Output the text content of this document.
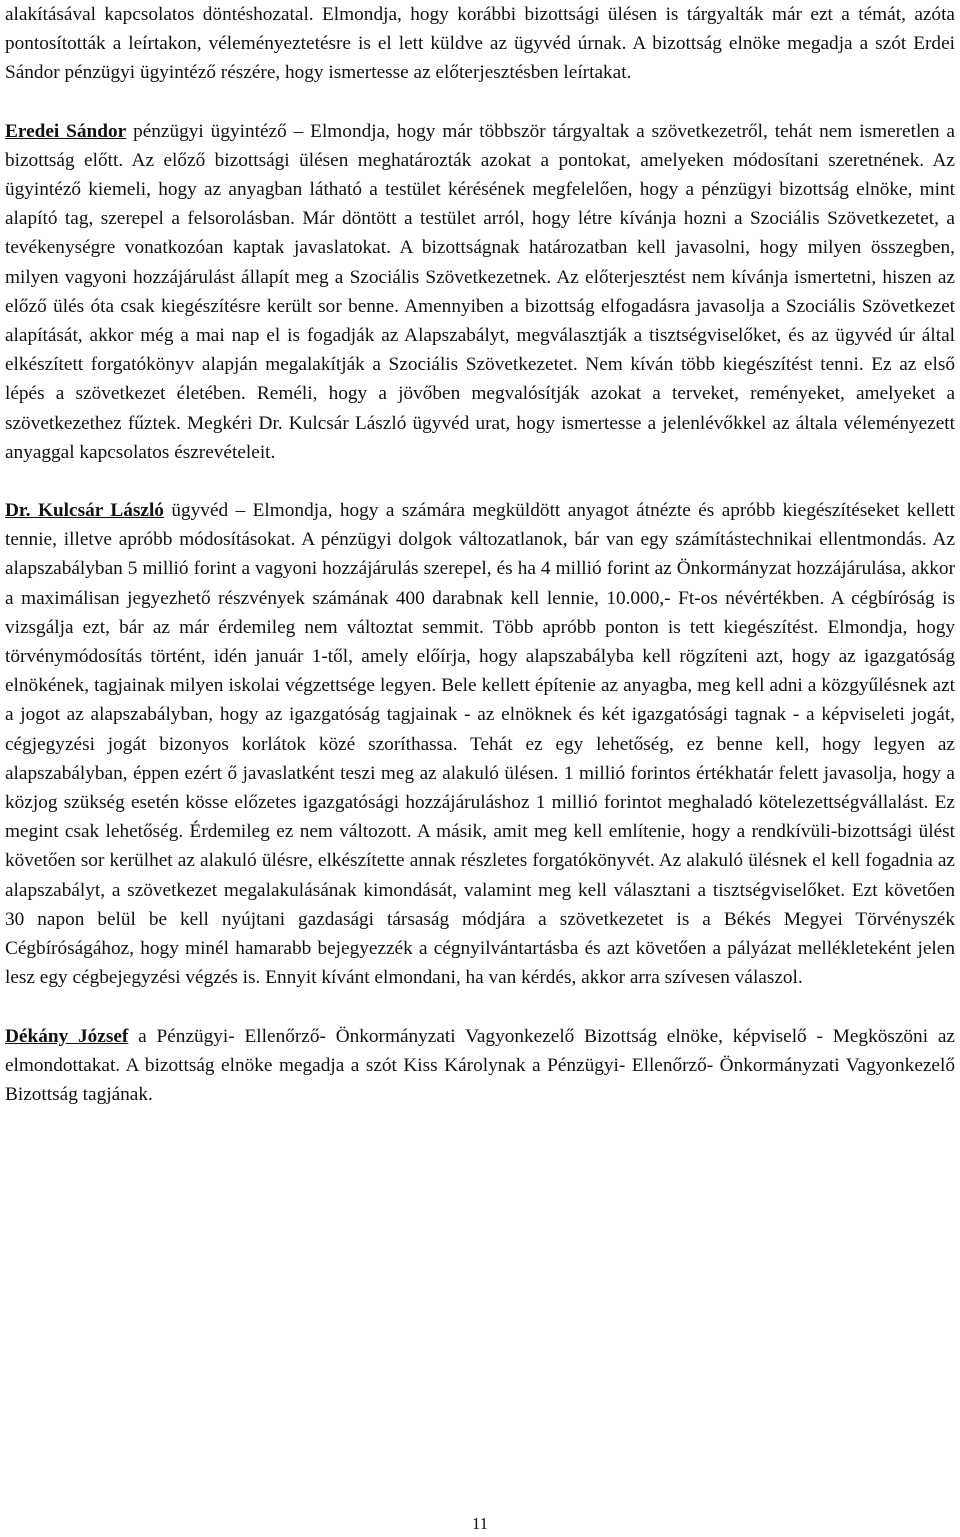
alakításával kapcsolatos döntéshozatal. Elmondja, hogy korábbi bizottsági ülésen is tárgyalták már ezt a témát, azóta pontosították a leírtakon, véleményeztetésre is el lett küldve az ügyvéd úrnak. A bizottság elnöke megadja a szót Erdei Sándor pénzügyi ügyintéző részére, hogy ismertesse az előterjesztésben leírtakat.

Eredei Sándor pénzügyi ügyintéző – Elmondja, hogy már többször tárgyaltak a szövetkezetről, tehát nem ismeretlen a bizottság előtt. Az előző bizottsági ülésen meghatározták azokat a pontokat, amelyeken módosítani szeretnének. Az ügyintéző kiemeli, hogy az anyagban látható a testület kérésének megfelelően, hogy a pénzügyi bizottság elnöke, mint alapító tag, szerepel a felsorolásban. Már döntött a testület arról, hogy létre kívánja hozni a Szociális Szövetkezetet, a tevékenységre vonatkozóan kaptak javaslatokat. A bizottságnak határozatban kell javasolni, hogy milyen összegben, milyen vagyoni hozzájárulást állapít meg a Szociális Szövetkezetnek. Az előterjesztést nem kívánja ismertetni, hiszen az előző ülés óta csak kiegészítésre került sor benne. Amennyiben a bizottság elfogadásra javasolja a Szociális Szövetkezet alapítását, akkor még a mai nap el is fogadják az Alapszabályt, megválasztják a tisztségviselőket, és az ügyvéd úr által elkészített forgatókönyv alapján megalakítják a Szociális Szövetkezetet. Nem kíván több kiegészítést tenni. Ez az első lépés a szövetkezet életében. Reméli, hogy a jövőben megvalósítják azokat a terveket, reményeket, amelyeket a szövetkezethez fűztek. Megkéri Dr. Kulcsár László ügyvéd urat, hogy ismertesse a jelenlévőkkel az általa véleményezett anyaggal kapcsolatos észrevételeit.

Dr. Kulcsár László ügyvéd – Elmondja, hogy a számára megküldött anyagot átnézte és apróbb kiegészítéseket kellett tennie, illetve apróbb módosításokat. A pénzügyi dolgok változatlanok, bár van egy számítástechnikai ellentmondás. Az alapszabályban 5 millió forint a vagyoni hozzájárulás szerepel, és ha 4 millió forint az Önkormányzat hozzájárulása, akkor a maximálisan jegyezhető részvények számának 400 darabnak kell lennie, 10.000,- Ft-os névértékben. A cégbíróság is vizsgálja ezt, bár az már érdemileg nem változtat semmit. Több apróbb ponton is tett kiegészítést. Elmondja, hogy törvénymódosítás történt, idén január 1-től, amely előírja, hogy alapszabályba kell rögzíteni azt, hogy az igazgatóság elnökének, tagjainak milyen iskolai végzettsége legyen. Bele kellett építenie az anyagba, meg kell adni a közgyűlésnek azt a jogot az alapszabályban, hogy az igazgatóság tagjainak - az elnöknek és két igazgatósági tagnak - a képviseleti jogát, cégjegyzési jogát bizonyos korlátok közé szoríthassa. Tehát ez egy lehetőség, ez benne kell, hogy legyen az alapszabályban, éppen ezért ő javaslatként teszi meg az alakuló ülésen. 1 millió forintos értékhatár felett javasolja, hogy a közjog szükség esetén kösse előzetes igazgatósági hozzájáruláshoz 1 millió forintot meghaladó kötelezettségvállalást. Ez megint csak lehetőség. Érdemileg ez nem változott. A másik, amit meg kell említenie, hogy a rendkívüli-bizottsági ülést követően sor kerülhet az alakuló ülésre, elkészítette annak részletes forgatókönyvét. Az alakuló ülésnek el kell fogadnia az alapszabályt, a szövetkezet megalakulásának kimondását, valamint meg kell választani a tisztségviselőket. Ezt követően 30 napon belül be kell nyújtani gazdasági társaság módjára a szövetkezetet is a Békés Megyei Törvényszék Cégbíróságához, hogy minél hamarabb bejegyezzék a cégnyilvántartásba és azt követően a pályázat mellékleteként jelen lesz egy cégbejegyzési végzés is. Ennyit kívánt elmondani, ha van kérdés, akkor arra szívesen válaszol.

Dékány József a Pénzügyi- Ellenőrző- Önkormányzati Vagyonkezelő Bizottság elnöke, képviselő - Megköszöni az elmondottakat. A bizottság elnöke megadja a szót Kiss Károlynak a Pénzügyi- Ellenőrző- Önkormányzati Vagyonkezelő Bizottság tagjának.

11
